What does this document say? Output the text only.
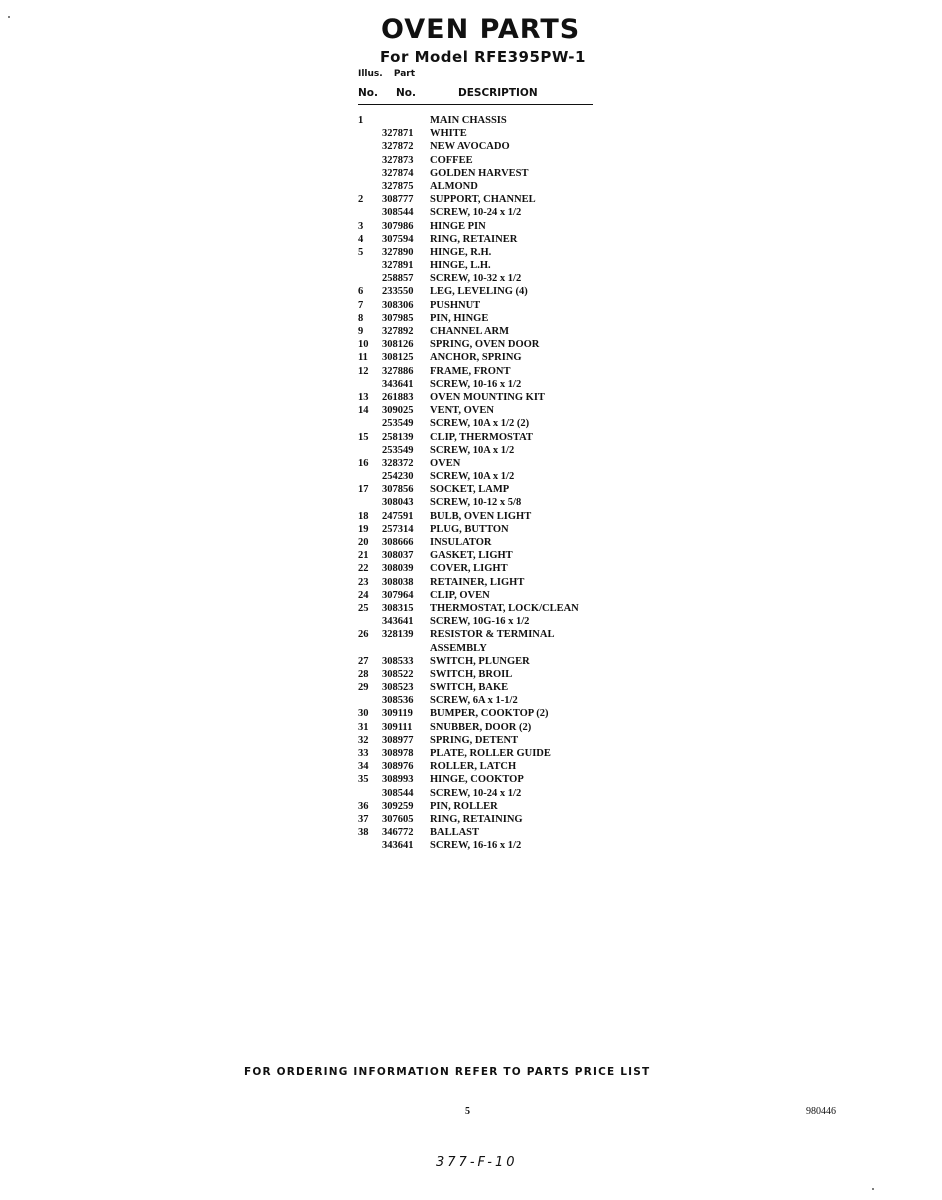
OVEN PARTS
For Model RFE395PW-1
Illus. Part
No. No.	DESCRIPTION
1	MAIN CHASSIS
327871 WHITE
327872 NEW AVOCADO
327873 COFFEE
327874 GOLDEN HARVEST
327875 ALMOND
2 308777 SUPPORT, CHANNEL
308544 SCREW, 10-24 x 1/2
3 307986 HINGE PIN
4 307594 RING, RETAINER
5 327890 HINGE, R.H.
327891 HINGE, L.H.
258857 SCREW, 10-32 x 1/2
6 233550 LEG, LEVELING (4)
7 308306 PUSHNUT
8 307985 PIN, HINGE
9 327892 CHANNEL ARM
10 308126 SPRING, OVEN DOOR
11 308125 ANCHOR, SPRING
12 327886 FRAME, FRONT
343641 SCREW, 10-16 x 1/2
13 261883 OVEN MOUNTING KIT
14 309025 VENT, OVEN
253549 SCREW, 10A x 1/2 (2)
15 258139 CLIP, THERMOSTAT
253549 SCREW, 10A x 1/2
16 328372 OVEN
254230 SCREW, 10A x 1/2
17 307856 SOCKET, LAMP
308043 SCREW, 10-12 x 5/8
18 247591 BULB, OVEN LIGHT
19 257314 PLUG, BUTTON
20 308666 INSULATOR
21 308037 GASKET, LIGHT
22 308039 COVER, LIGHT
23 308038 RETAINER, LIGHT
24 307964 CLIP, OVEN
25 308315 THERMOSTAT, LOCK/CLEAN
343641 SCREW, 10G-16 x 1/2
26 328139 RESISTOR & TERMINAL
ASSEMBLY
27 308533 SWITCH, PLUNGER
28 308522 SWITCH, BROIL
29 308523 SWITCH, BAKE
308536 SCREW, 6A x 1-1/2
30 309119 BUMPER, COOKTOP (2)
31 309111 SNUBBER, DOOR (2)
32 308977 SPRING, DETENT
33 308978 PLATE, ROLLER GUIDE
34 308976 ROLLER, LATCH
35 308993 HINGE, COOKTOP
308544 SCREW, 10-24 x 1/2
36 309259 PIN, ROLLER
37 307605 RING, RETAINING
38 346772 BALLAST
343641 SCREW, 16-16 x 1/2
FOR ORDERING INFORMATION REFER TO PARTS PRICE LIST
5	980446
377-F-10
